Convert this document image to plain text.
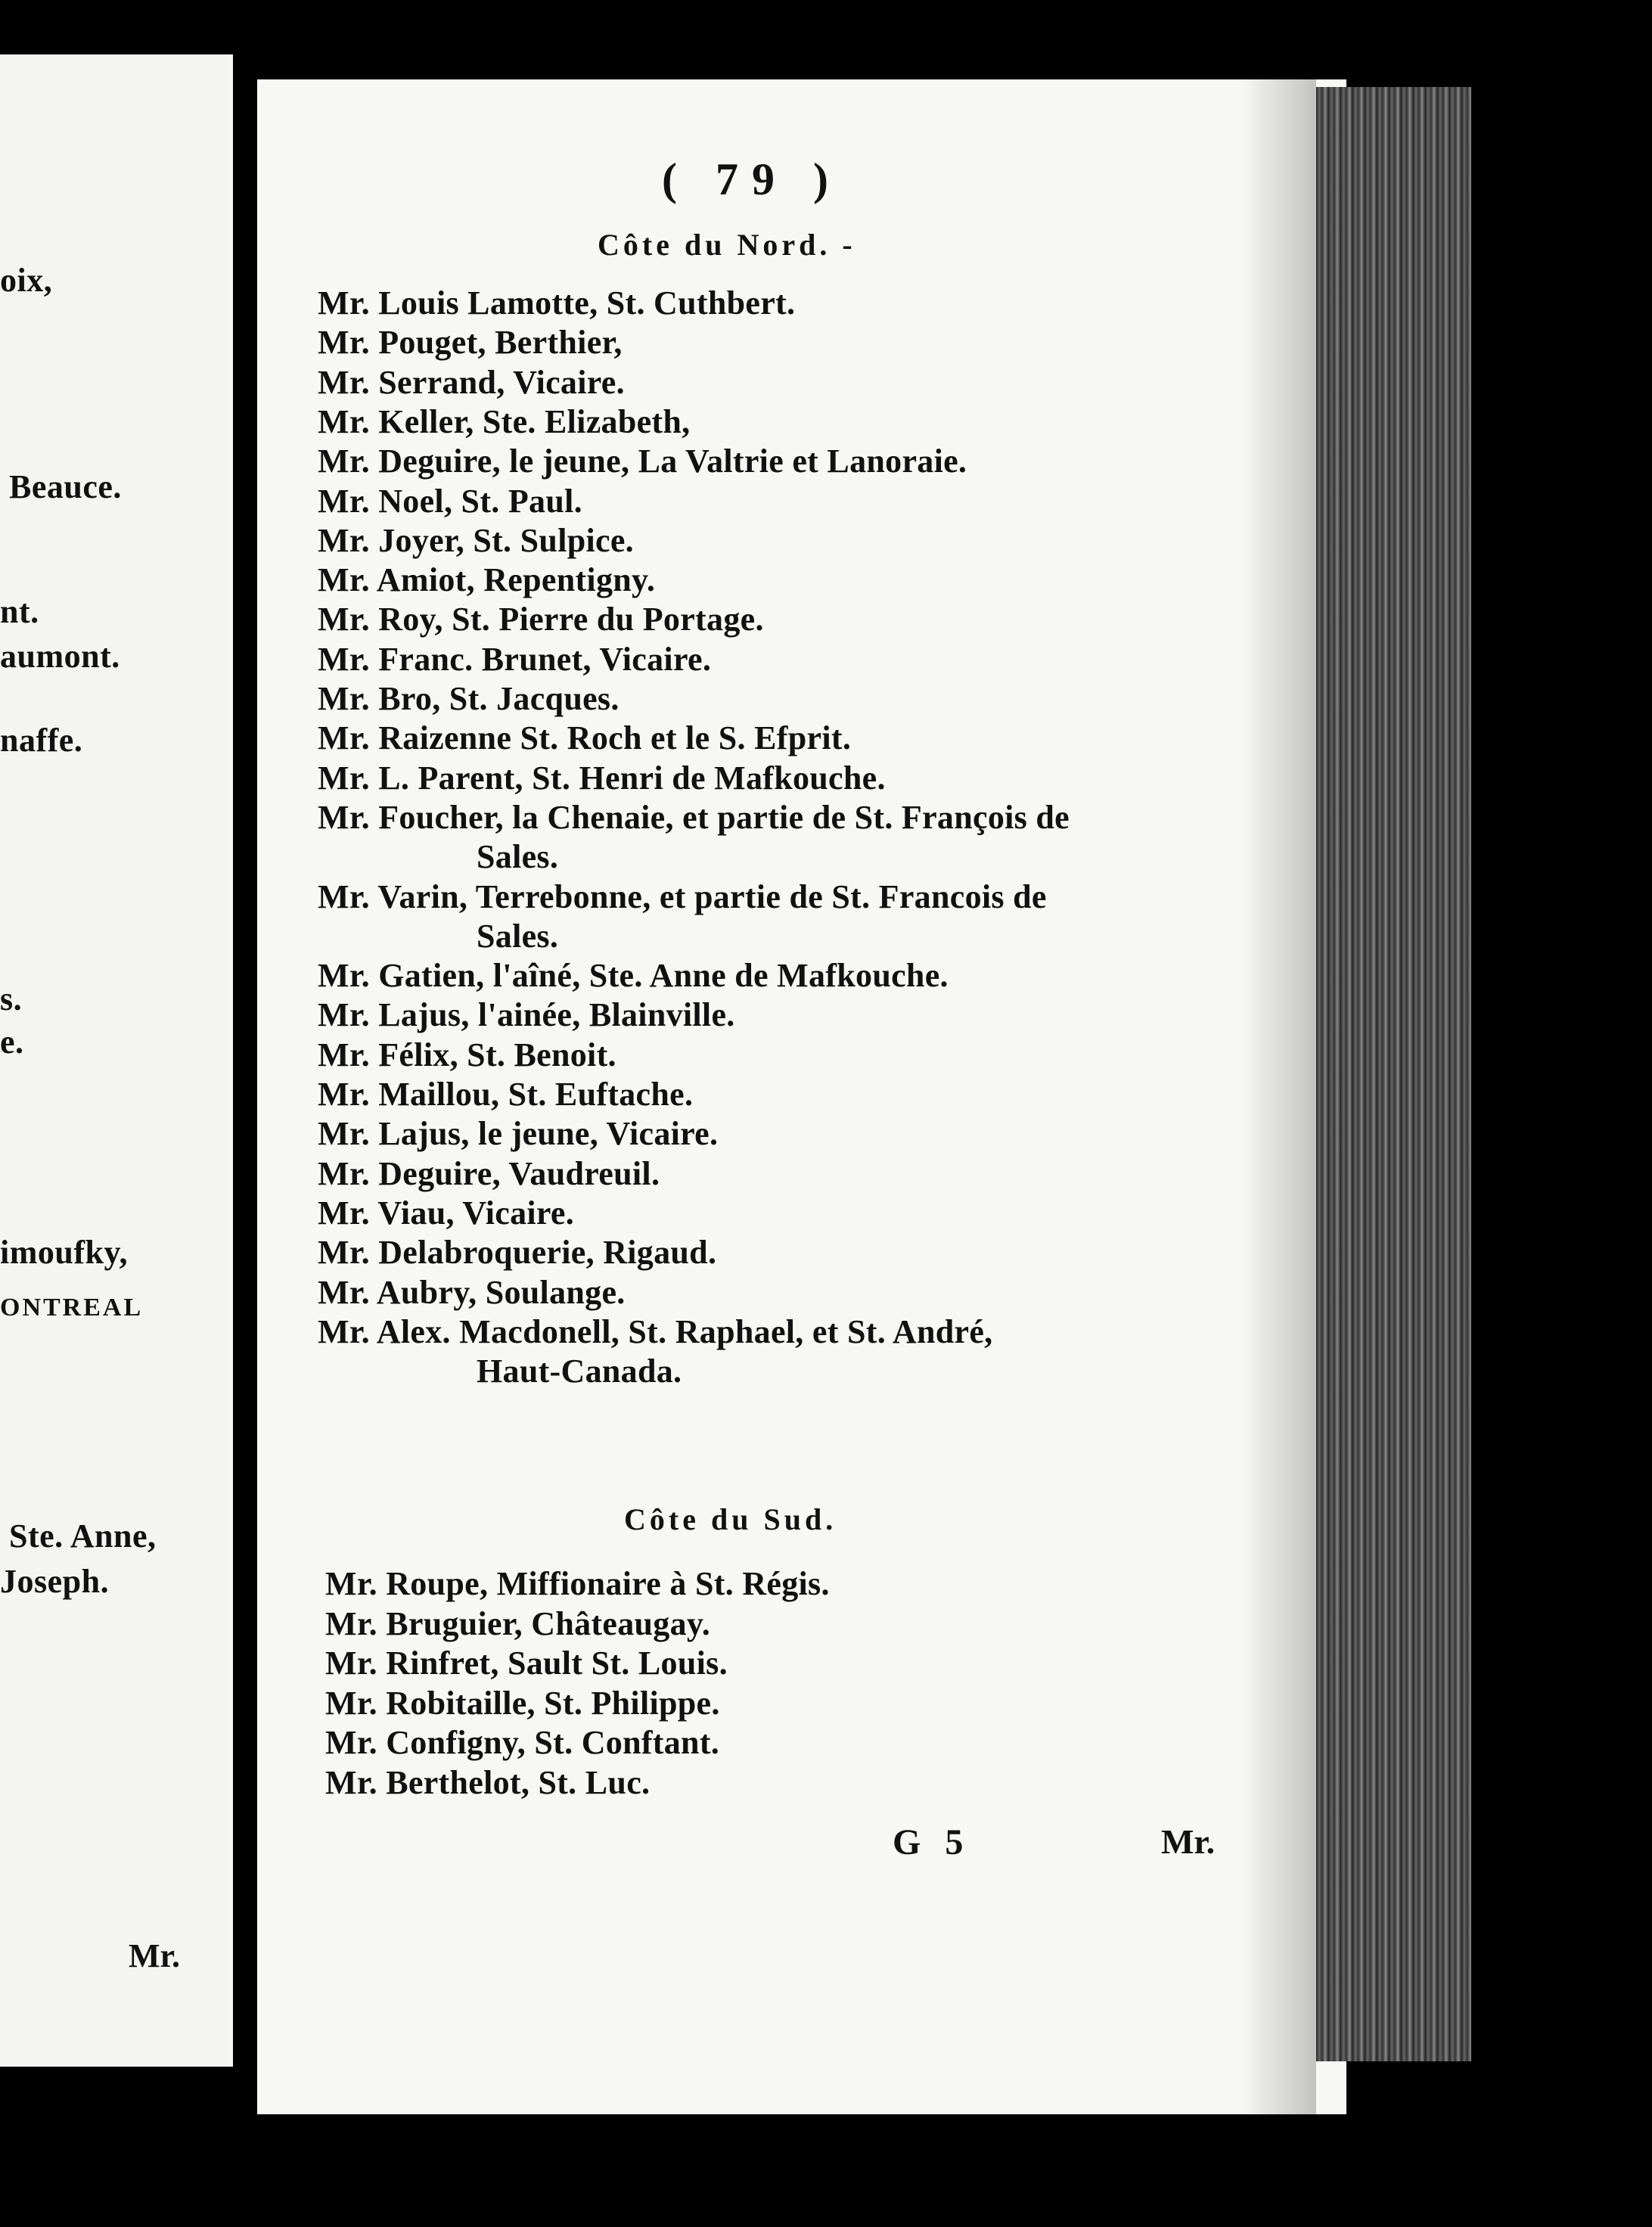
oix,
Beauce.
nt.
aumont.
naffe.
s.
e.
imoufky,
ONTREAL
Ste. Anne,
Joseph.
Mr.
( 79 )
Côte du Nord. -
Mr. Louis Lamotte, St. Cuthbert.
Mr. Pouget, Berthier,
Mr. Serrand, Vicaire.
Mr. Keller, Ste. Elizabeth,
Mr. Deguire, le jeune, La Valtrie et Lanoraie.
Mr. Noel, St. Paul.
Mr. Joyer, St. Sulpice.
Mr. Amiot, Repentigny.
Mr. Roy, St. Pierre du Portage.
Mr. Franc. Brunet, Vicaire.
Mr. Bro, St. Jacques.
Mr. Raizenne St. Roch et le S. Efprit.
Mr. L. Parent, St. Henri de Mafkouche.
Mr. Foucher, la Chenaie, et partie de St. François de
Sales.
Mr. Varin, Terrebonne, et partie de St. Francois de
Sales.
Mr. Gatien, l'aîné, Ste. Anne de Mafkouche.
Mr. Lajus, l'ainée, Blainville.
Mr. Félix, St. Benoit.
Mr. Maillou, St. Euftache.
Mr. Lajus, le jeune, Vicaire.
Mr. Deguire, Vaudreuil.
Mr. Viau, Vicaire.
Mr. Delabroquerie, Rigaud.
Mr. Aubry, Soulange.
Mr. Alex. Macdonell, St. Raphael, et St. André,
Haut-Canada.
Côte du Sud.
Mr. Roupe, Miffionaire à St. Régis.
Mr. Bruguier, Châteaugay.
Mr. Rinfret, Sault St. Louis.
Mr. Robitaille, St. Philippe.
Mr. Configny, St. Conftant.
Mr. Berthelot, St. Luc.
G 5	Mr.
